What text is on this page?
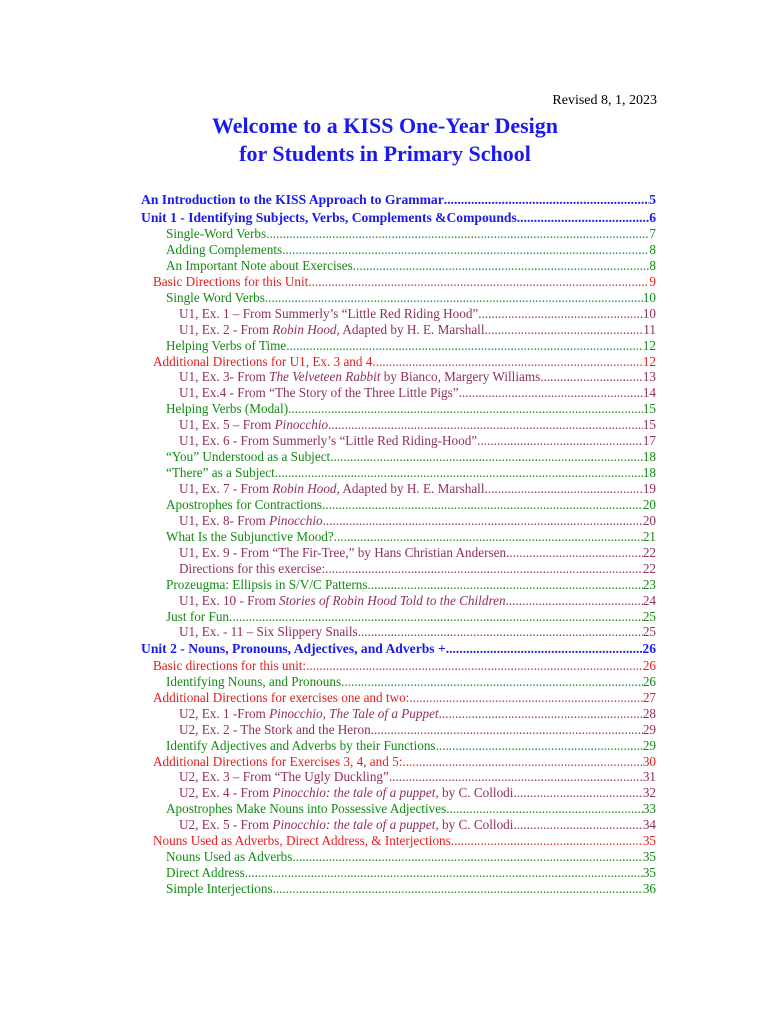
Revised 8, 1, 2023
Welcome to a KISS One-Year Design
for Students in Primary School
An Introduction to the KISS Approach to Grammar .....	5
Unit 1 - Identifying Subjects, Verbs, Complements &Compounds .....	6
Single-Word Verbs .....	7
Adding Complements .....	8
An Important Note about Exercises .....	8
Basic Directions for this Unit .....	9
Single Word Verbs .....	10
U1, Ex. 1 – From Summerly’s “Little Red Riding Hood” .....	10
U1, Ex. 2 - From Robin Hood, Adapted by H. E. Marshall .....	11
Helping Verbs of Time .....	12
Additional Directions for U1, Ex. 3 and 4 .....	12
U1, Ex. 3- From The Velveteen Rabbit by Bianco, Margery Williams .....	13
U1, Ex.4 - From “The Story of the Three Little Pigs” .....	14
Helping Verbs (Modal) .....	15
U1, Ex. 5 – From Pinocchio .....	15
U1, Ex. 6 - From Summerly’s “Little Red Riding-Hood” .....	17
“You” Understood as a Subject .....	18
“There” as a Subject .....	18
U1, Ex. 7 - From Robin Hood, Adapted by H. E. Marshall .....	19
Apostrophes for Contractions .....	20
U1, Ex. 8- From Pinocchio .....	20
What Is the Subjunctive Mood? .....	21
U1, Ex. 9 - From “The Fir-Tree,” by Hans Christian Andersen .....	22
Directions for this exercise: .....	22
Prozeugma: Ellipsis in S/V/C Patterns .....	23
U1, Ex. 10 - From Stories of Robin Hood Told to the Children .....	24
Just for Fun .....	25
U1, Ex. - 11 – Six Slippery Snails .....	25
Unit 2 - Nouns, Pronouns, Adjectives, and Adverbs + .....	26
Basic directions for this unit: .....	26
Identifying Nouns, and Pronouns .....	26
Additional Directions for exercises one and two: .....	27
U2, Ex. 1 -From Pinocchio, The Tale of a Puppet .....	28
U2, Ex. 2 - The Stork and the Heron .....	29
Identify Adjectives and Adverbs by their Functions .....	29
Additional Directions for Exercises 3, 4, and 5: .....	30
U2, Ex. 3 – From “The Ugly Duckling” .....	31
U2, Ex. 4 - From Pinocchio: the tale of a puppet, by C. Collodi .....	32
Apostrophes Make Nouns into Possessive Adjectives .....	33
U2, Ex. 5 - From Pinocchio: the tale of a puppet, by C. Collodi .....	34
Nouns Used as Adverbs, Direct Address, & Interjections .....	35
Nouns Used as Adverbs .....	35
Direct Address .....	35
Simple Interjections .....	36
